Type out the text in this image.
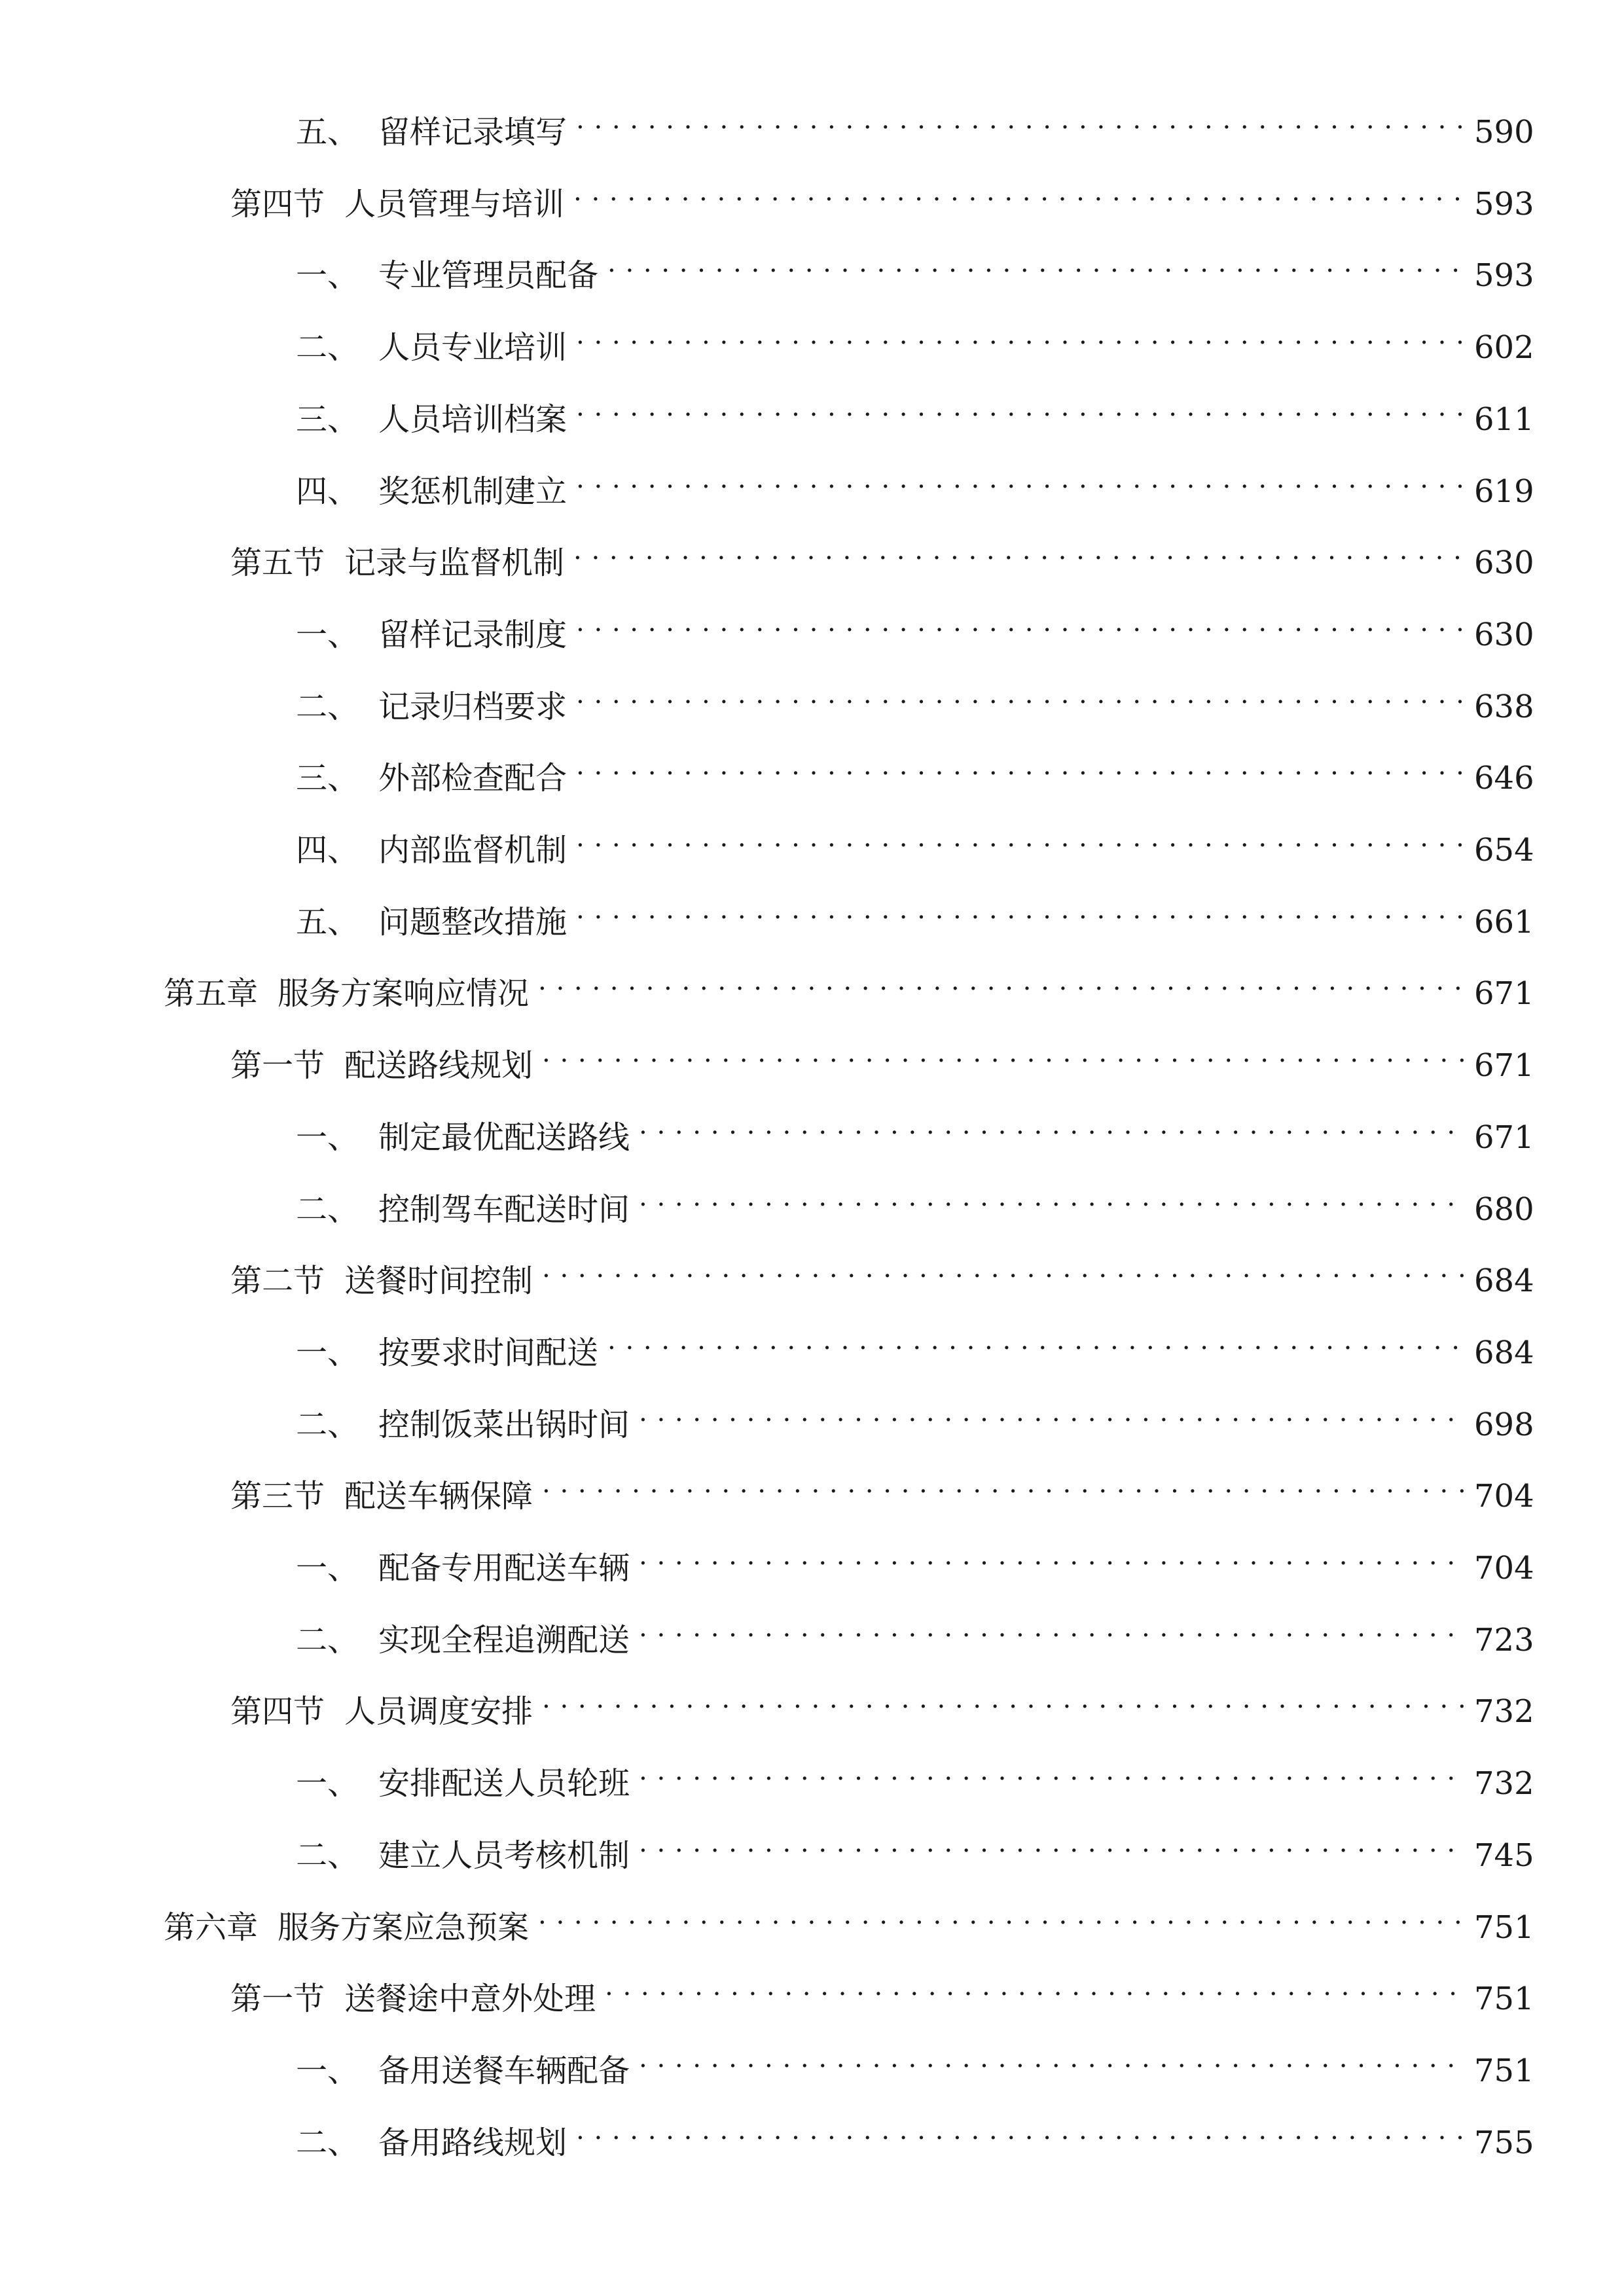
五、 留样记录填写 . . .	590
第四节 人员管理与培训 . . .	593
一、 专业管理员配备 . . .	593
二、 人员专业培训 . . .	602
三、 人员培训档案 . . .	611
四、 奖惩机制建立 . . .	619
第五节 记录与监督机制 . . .	630
一、 留样记录制度 . . .	630
二、 记录归档要求 . . .	638
三、 外部检查配合 . . .	646
四、 内部监督机制 . . .	654
五、 问题整改措施 . . .	661
第五章 服务方案响应情况 . . .	671
第一节 配送路线规划 . . .	671
一、 制定最优配送路线 . . .	671
二、 控制驾车配送时间 . . .	680
第二节 送餐时间控制 . . .	684
一、 按要求时间配送 . . .	684
二、 控制饭菜出锅时间 . . .	698
第三节 配送车辆保障 . . .	704
一、 配备专用配送车辆 . . .	704
二、 实现全程追溯配送 . . .	723
第四节 人员调度安排 . . .	732
一、 安排配送人员轮班 . . .	732
二、 建立人员考核机制 . . .	745
第六章 服务方案应急预案 . . .	751
第一节 送餐途中意外处理 . . .	751
一、 备用送餐车辆配备 . . .	751
二、 备用路线规划 . . .	755
